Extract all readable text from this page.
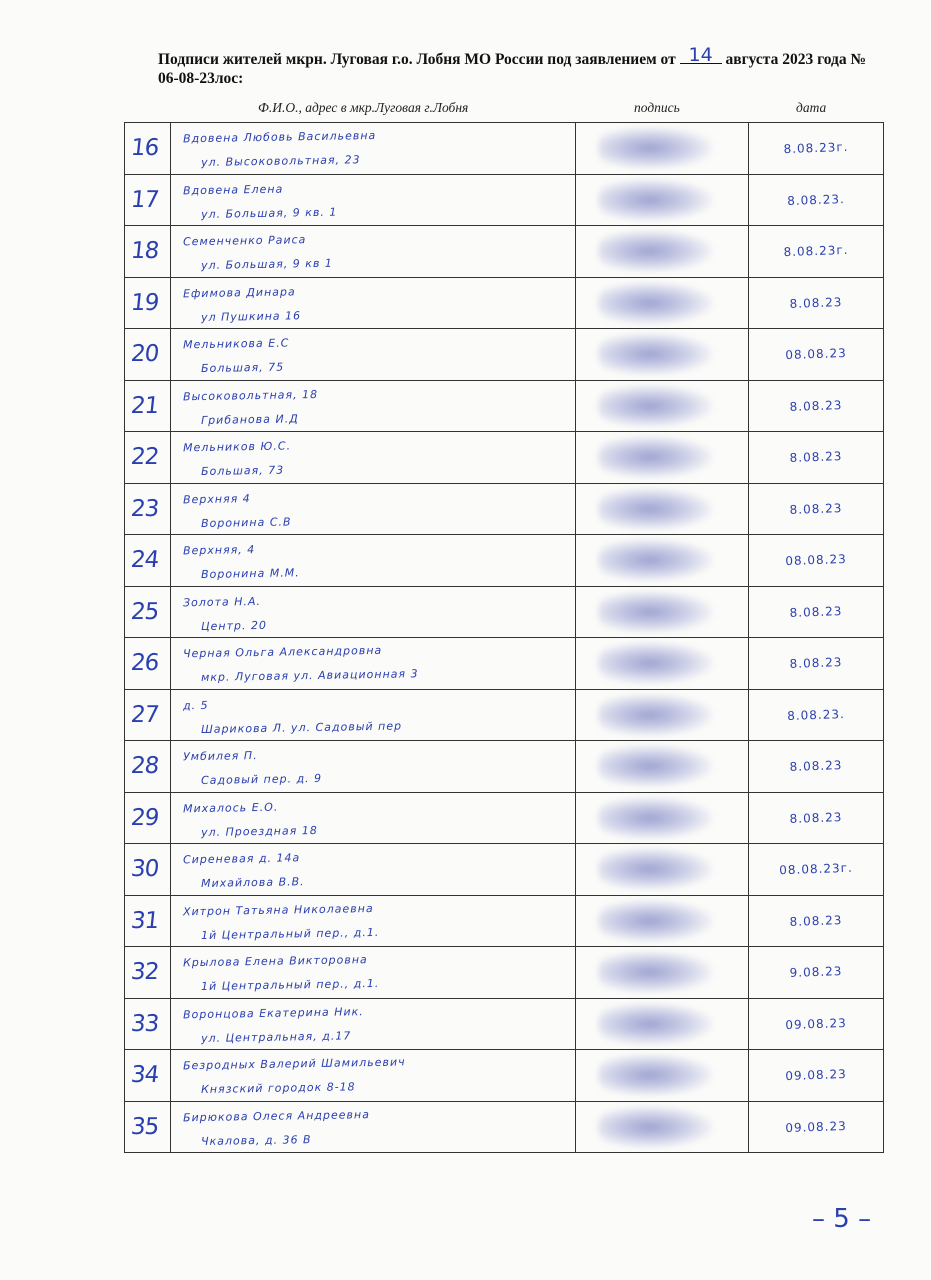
Подписи жителей мкрн. Луговая г.о. Лобня МО России под заявлением от 14 августа 2023 года № 06-08-23лос:
Ф.И.О., адрес в мкр.Луговая г.Лобня	подпись	дата
16	Вдовена Любовь Васильевна
ул. Высоковольтная, 23		8.08.23г.

17	Вдовена Елена
ул. Большая, 9 кв. 1		8.08.23.

18	Семенченко Раиса
ул. Большая, 9 кв 1		8.08.23г.

19	Ефимова Динара
ул Пушкина 16		8.08.23

20	Мельникова Е.С
Большая, 75		08.08.23

21	Высоковольтная, 18
Грибанова И.Д		8.08.23

22	Мельников Ю.С.
Большая, 73		8.08.23

23	Верхняя 4
Воронина С.В		8.08.23

24	Верхняя, 4
Воронина М.М.		08.08.23

25	Золота Н.А.
Центр. 20		8.08.23

26	Черная Ольга Александровна
мкр. Луговая ул. Авиационная 3		8.08.23

27	д. 5
Шарикова Л. ул. Садовый пер		8.08.23.

28	Умбилея П.
Садовый пер. д. 9		8.08.23

29	Михалось Е.О.
ул. Проездная 18		8.08.23

30	Сиреневая д. 14а
Михайлова В.В.		08.08.23г.

31	Хитрон Татьяна Николаевна
1й Центральный пер., д.1.		8.08.23

32	Крылова Елена Викторовна
1й Центральный пер., д.1.		9.08.23

33	Воронцова Екатерина Ник.
ул. Центральная, д.17		09.08.23

34	Безродных Валерий Шамильевич
Князский городок 8-18		09.08.23

35	Бирюкова Олеся Андреевна
Чкалова, д. 36 В		09.08.23
– 5 –
